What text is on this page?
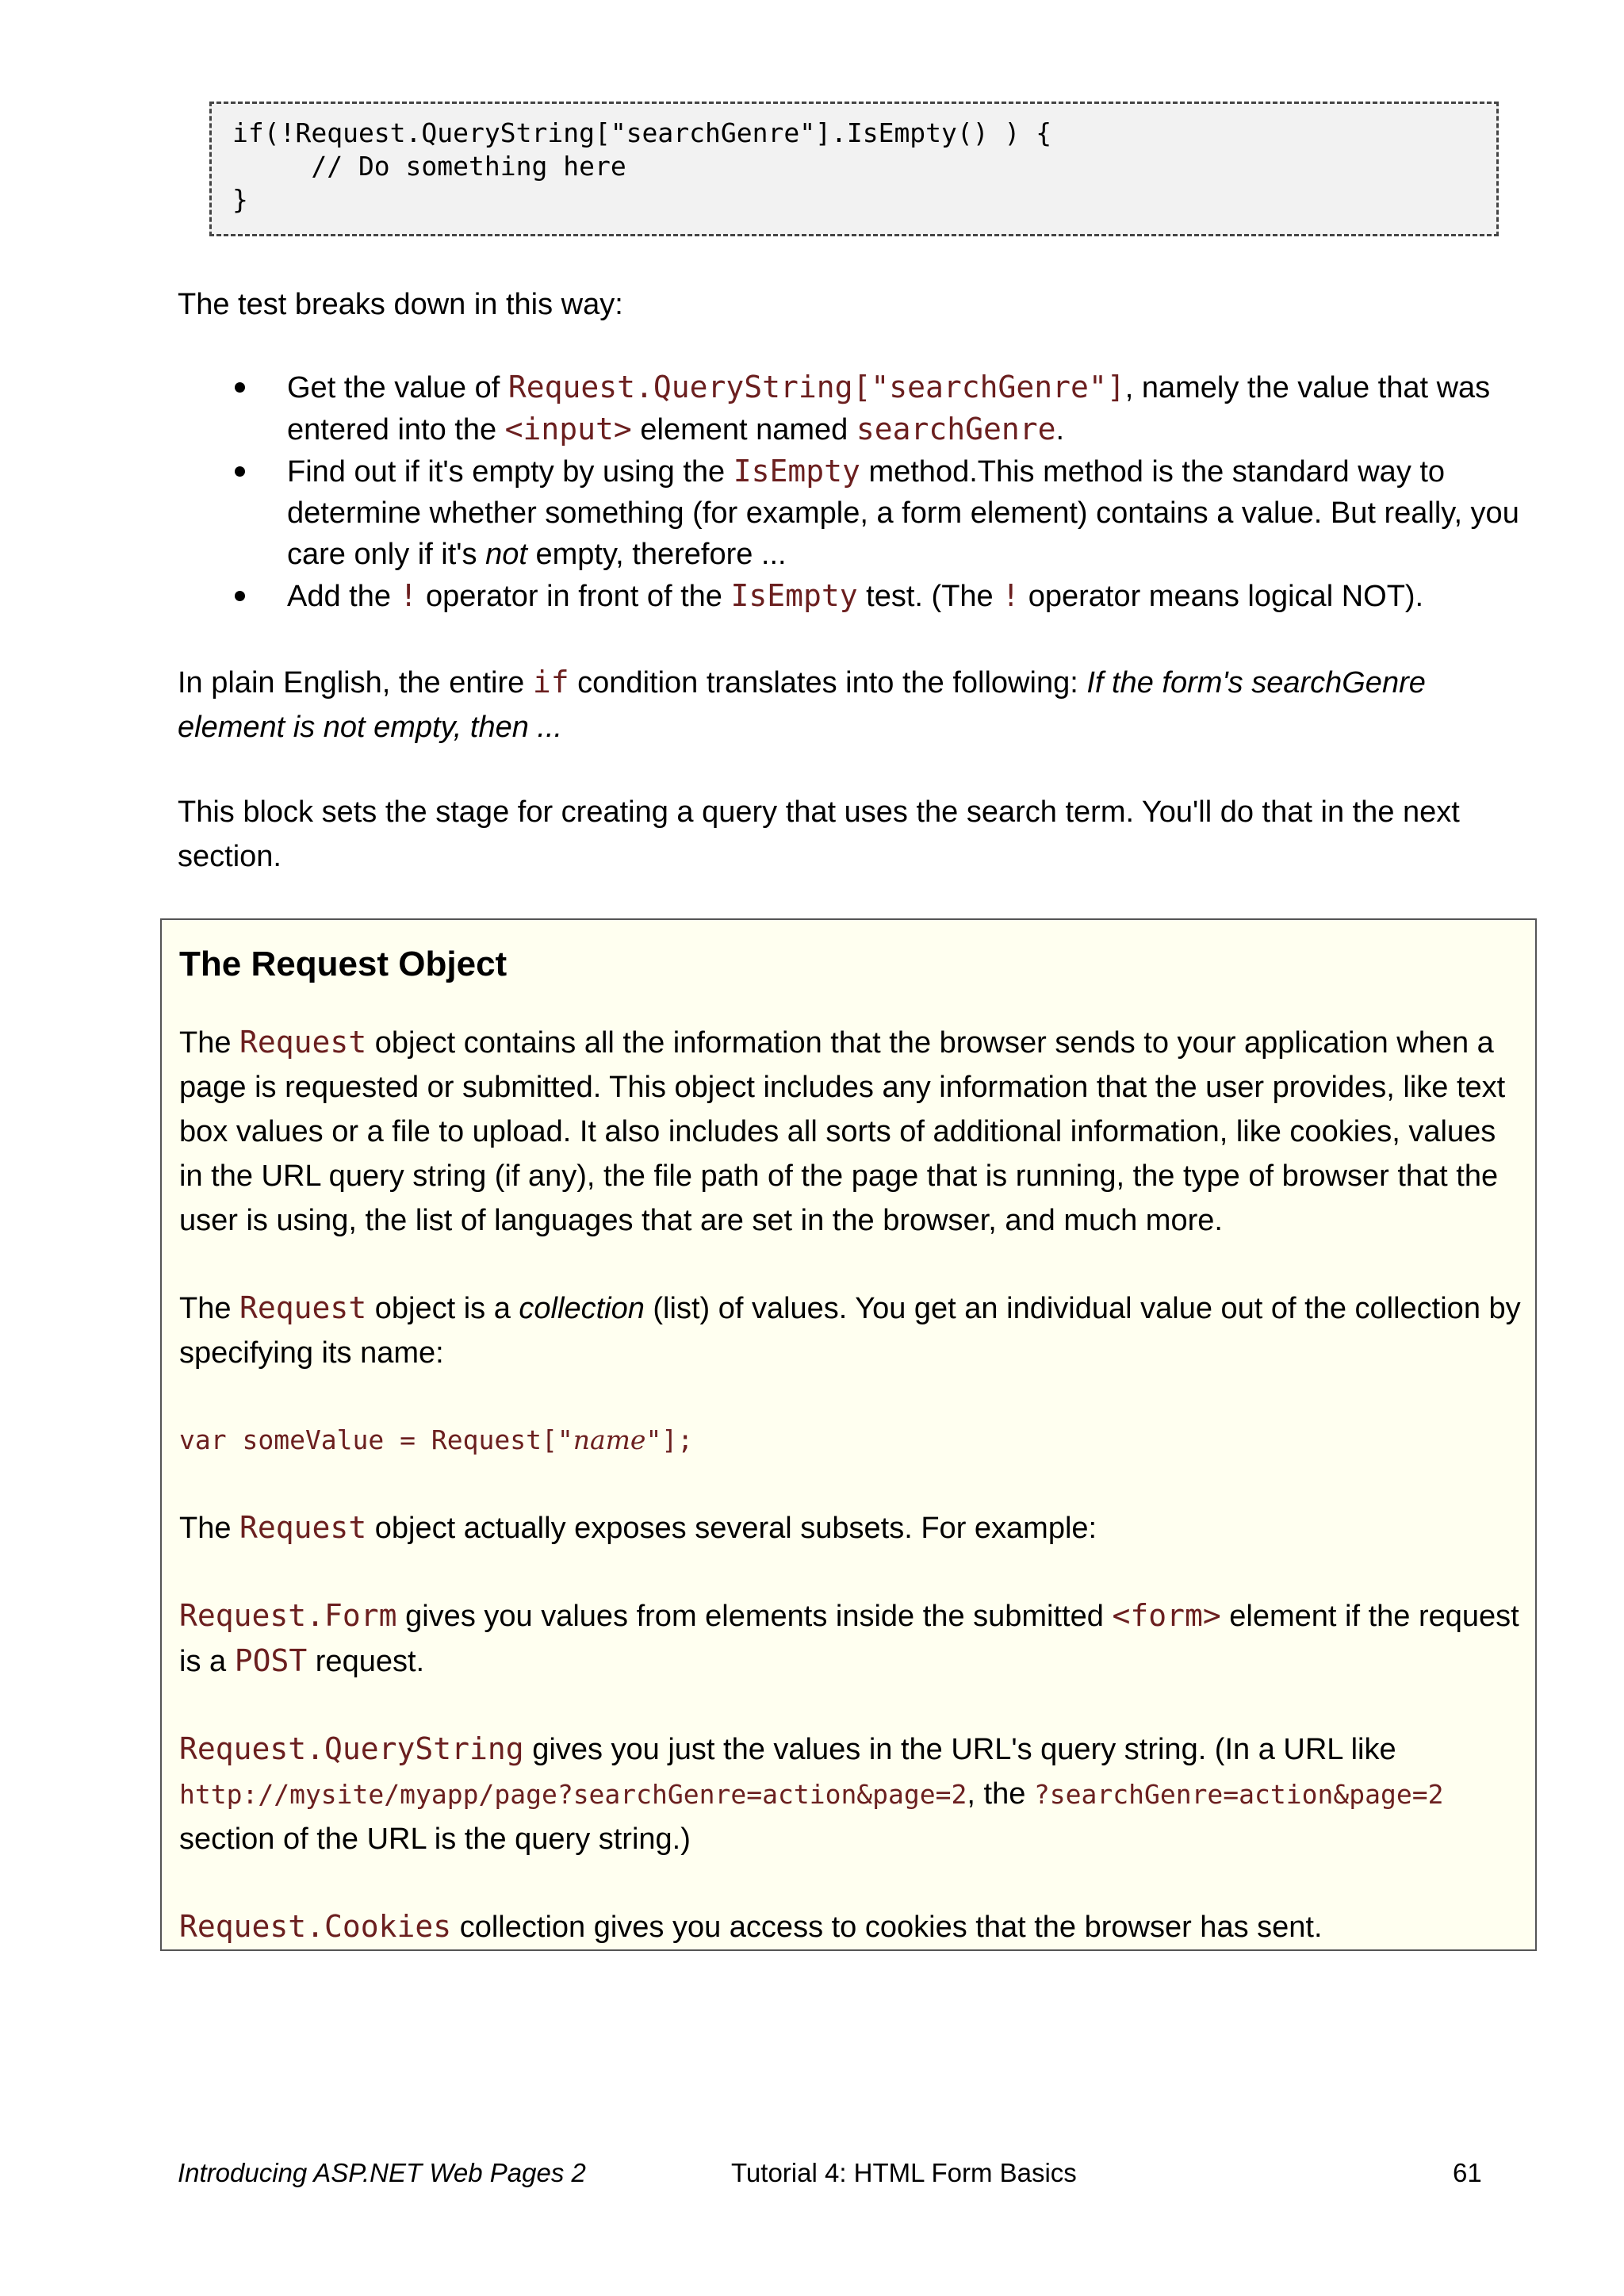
if(!Request.QueryString["searchGenre"].IsEmpty() ) {
// Do something here
}
The test breaks down in this way:
Get the value of Request.QueryString["searchGenre"], namely the value that was entered into the <input> element named searchGenre.
Find out if it's empty by using the IsEmpty method.This method is the standard way to determine whether something (for example, a form element) contains a value. But really, you care only if it's not empty, therefore ...
Add the ! operator in front of the IsEmpty test. (The ! operator means logical NOT).
In plain English, the entire if condition translates into the following: If the form's searchGenre element is not empty, then ...
This block sets the stage for creating a query that uses the search term. You'll do that in the next section.
The Request Object

The Request object contains all the information that the browser sends to your application when a page is requested or submitted. This object includes any information that the user provides, like text box values or a file to upload. It also includes all sorts of additional information, like cookies, values in the URL query string (if any), the file path of the page that is running, the type of browser that the user is using, the list of languages that are set in the browser, and much more.

The Request object is a collection (list) of values. You get an individual value out of the collection by specifying its name:

var someValue = Request["name"];

The Request object actually exposes several subsets. For example:

Request.Form gives you values from elements inside the submitted <form> element if the request is a POST request.

Request.QueryString gives you just the values in the URL's query string. (In a URL like http://mysite/myapp/page?searchGenre=action&page=2, the ?searchGenre=action&page=2 section of the URL is the query string.)

Request.Cookies collection gives you access to cookies that the browser has sent.

Introducing ASP.NET Web Pages 2	Tutorial 4: HTML Form Basics	61
